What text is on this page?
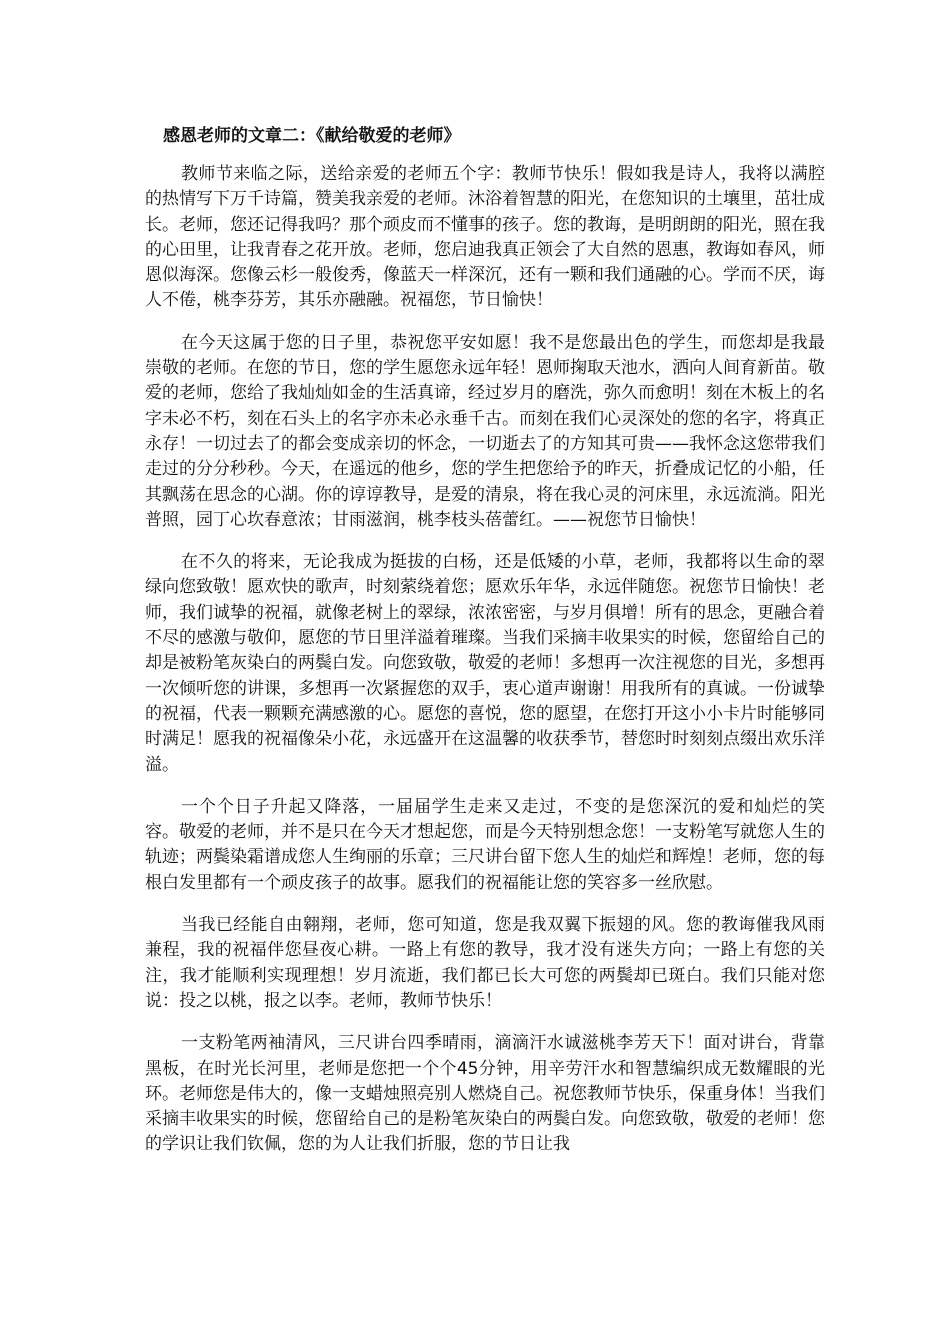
感恩老师的文章二：《献给敬爱的老师》

教师节来临之际，送给亲爱的老师五个字：教师节快乐！假如我是诗人，我将以满腔的热情写下万千诗篇，赞美我亲爱的老师。沐浴着智慧的阳光，在您知识的土壤里，茁壮成长。老师，您还记得我吗？那个顽皮而不懂事的孩子。您的教诲，是明朗朗的阳光，照在我的心田里，让我青春之花开放。老师，您启迪我真正领会了大自然的恩惠，教诲如春风，师恩似海深。您像云杉一般俊秀，像蓝天一样深沉，还有一颗和我们通融的心。学而不厌，诲人不倦，桃李芬芳，其乐亦融融。祝福您，节日愉快！

在今天这属于您的日子里，恭祝您平安如愿！我不是您最出色的学生，而您却是我最崇敬的老师。在您的节日，您的学生愿您永远年轻！恩师掬取天池水，洒向人间育新苗。敬爱的老师，您给了我灿灿如金的生活真谛，经过岁月的磨洗，弥久而愈明！刻在木板上的名字未必不朽，刻在石头上的名字亦未必永垂千古。而刻在我们心灵深处的您的名字，将真正永存！一切过去了的都会变成亲切的怀念，一切逝去了的方知其可贵——我怀念这您带我们走过的分分秒秒。今天，在遥远的他乡，您的学生把您给予的昨天，折叠成记忆的小船，任其飘荡在思念的心湖。你的谆谆教导，是爱的清泉，将在我心灵的河床里，永远流淌。阳光普照，园丁心坎春意浓；甘雨滋润，桃李枝头蓓蕾红。——祝您节日愉快！

在不久的将来，无论我成为挺拔的白杨，还是低矮的小草，老师，我都将以生命的翠绿向您致敬！愿欢快的歌声，时刻萦绕着您；愿欢乐年华，永远伴随您。祝您节日愉快！老师，我们诚挚的祝福，就像老树上的翠绿，浓浓密密，与岁月俱增！所有的思念，更融合着不尽的感激与敬仰，愿您的节日里洋溢着璀璨。当我们采摘丰收果实的时候，您留给自己的却是被粉笔灰染白的两鬓白发。向您致敬，敬爱的老师！多想再一次注视您的目光，多想再一次倾听您的讲课，多想再一次紧握您的双手，衷心道声谢谢！用我所有的真诚。一份诚挚的祝福，代表一颗颗充满感激的心。愿您的喜悦，您的愿望，在您打开这小小卡片时能够同时满足！愿我的祝福像朵小花，永远盛开在这温馨的收获季节，替您时时刻刻点缀出欢乐洋溢。

一个个日子升起又降落，一届届学生走来又走过，不变的是您深沉的爱和灿烂的笑容。敬爱的老师，并不是只在今天才想起您，而是今天特别想念您！一支粉笔写就您人生的轨迹；两鬓染霜谱成您人生绚丽的乐章；三尺讲台留下您人生的灿烂和辉煌！老师，您的每根白发里都有一个顽皮孩子的故事。愿我们的祝福能让您的笑容多一丝欣慰。

当我已经能自由翱翔，老师，您可知道，您是我双翼下振翅的风。您的教诲催我风雨兼程，我的祝福伴您昼夜心耕。一路上有您的教导，我才没有迷失方向；一路上有您的关注，我才能顺利实现理想！岁月流逝，我们都已长大可您的两鬓却已斑白。我们只能对您说：投之以桃，报之以李。老师，教师节快乐！

一支粉笔两袖清风，三尺讲台四季晴雨，滴滴汗水诚滋桃李芳天下！面对讲台，背靠黑板，在时光长河里，老师是您把一个个45分钟，用辛劳汗水和智慧编织成无数耀眼的光环。老师您是伟大的，像一支蜡烛照亮别人燃烧自己。祝您教师节快乐，保重身体！当我们采摘丰收果实的时候，您留给自己的是粉笔灰染白的两鬓白发。向您致敬，敬爱的老师！您的学识让我们钦佩，您的为人让我们折服，您的节日让我
